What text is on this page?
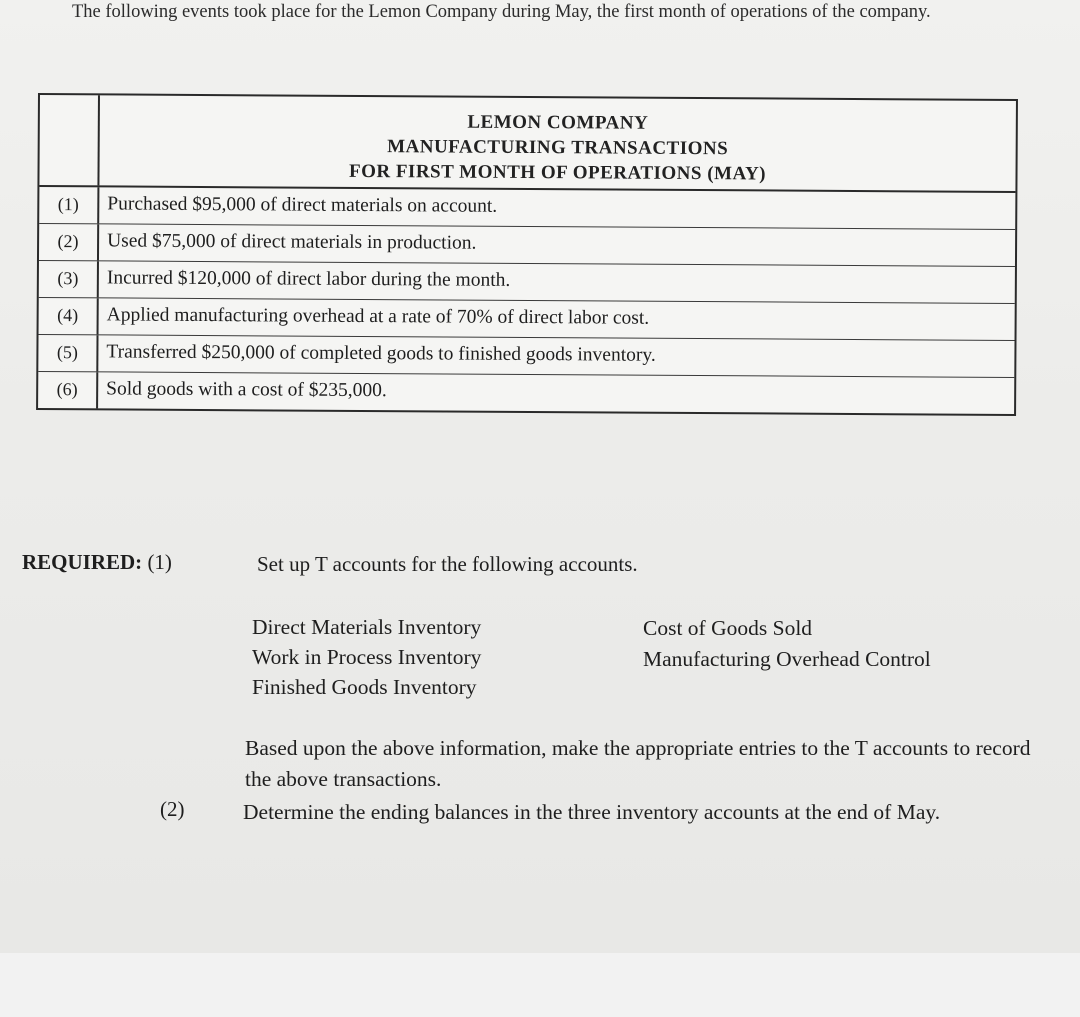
The following events took place for the Lemon Company during May, the first month of operations of the company.
LEMON COMPANY
MANUFACTURING TRANSACTIONS
FOR FIRST MONTH OF OPERATIONS (MAY)
(1)	Purchased $95,000 of direct materials on account.
(2)	Used $75,000 of direct materials in production.
(3)	Incurred $120,000 of direct labor during the month.
(4)	Applied manufacturing overhead at a rate of 70% of direct labor cost.
(5)	Transferred $250,000 of completed goods to finished goods inventory.
(6)	Sold goods with a cost of $235,000.
REQUIRED: (1)	Set up T accounts for the following accounts.
Direct Materials Inventory
Work in Process Inventory
Finished Goods Inventory
Cost of Goods Sold
Manufacturing Overhead Control
Based upon the above information, make the appropriate entries to the T accounts to record the above transactions.
(2)	Determine the ending balances in the three inventory accounts at the end of May.
